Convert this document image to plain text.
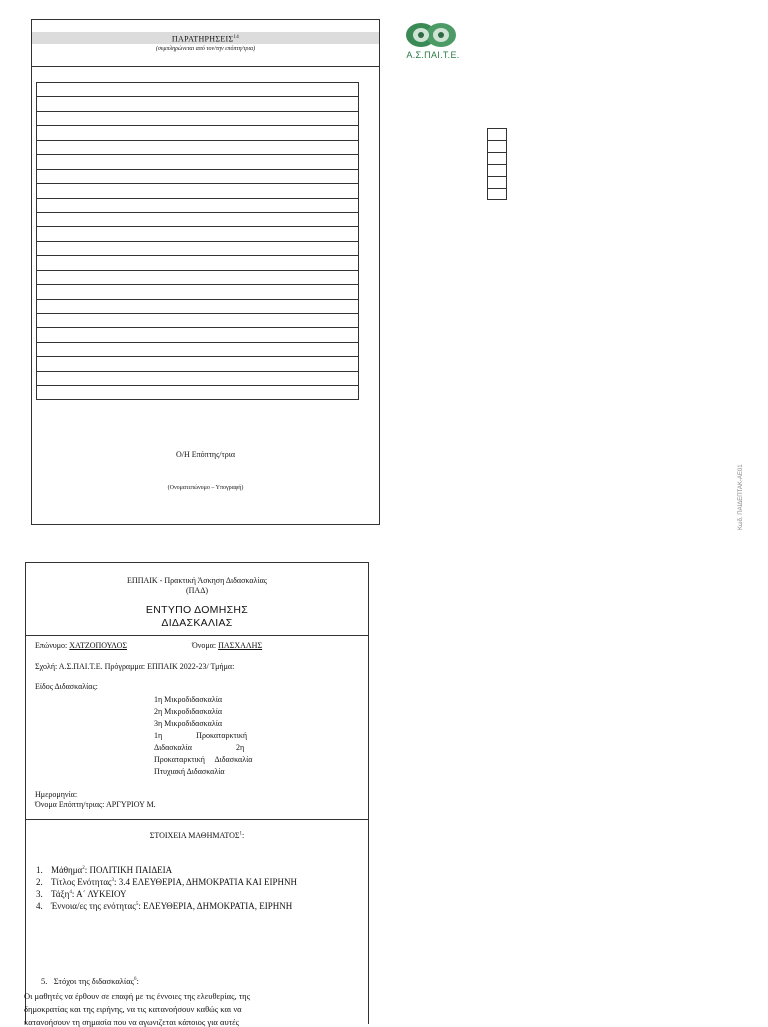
ΠΑΡΑΤΗΡΗΣΕΙΣ$^{14}$
(συμπληρώνεται από τον/την επόπτη/τρια)
Ο/Η Επόπτης/τρια
(Ονοματεπώνυμο – Υπογραφή)
Α.Σ.ΠΑΙ.Τ.Ε.
Κωδ. ΠΑΙΔΕΠΤΑΚ-ΑΕ01
ΕΠΠΑΙΚ - Πρακτική Άσκηση Διδασκαλίας
(ΠΑΔ)
ΕΝΤΥΠΟ ΔΟΜΗΣΗΣ
ΔΙΔΑΣΚΑΛΙΑΣ
Επώνυμο: ΧΑΤΖΟΠΟΥΛΟΣ	Όνομα: ΠΑΣΧΑΛΗΣ
Σχολή: Α.Σ.ΠΑΙ.Τ.Ε. Πρόγραμμα: ΕΠΠΑΙΚ 2022-23/ Τμήμα:
Είδος Διδασκαλίας:
1η Μικροδιδασκαλία
2η Μικροδιδασκαλία
3η Μικροδιδασκαλία
1η                 Προκαταρκτική
Διδασκαλία                      2η
Προκαταρκτική     Διδασκαλία
Πτυχιακή Διδασκαλία
Ημερομηνία:
Όνομα Επόπτη/τριας: ΑΡΓΥΡΙΟΥ Μ.
ΣΤΟΙΧΕΙΑ ΜΑΘΗΜΑΤΟΣ$^1$:
1. Μάθημα$^2$: ΠΟΛΙΤΙΚΗ ΠΑΙΔΕΙΑ
2. Τίτλος Ενότητας$^3$: 3.4 ΕΛΕΥΘΕΡΙΑ, ΔΗΜΟΚΡΑΤΙΑ ΚΑΙ ΕΙΡΗΝΗ
3. Τάξη$^4$: Α΄ ΛΥΚΕΙΟΥ
4. Έννοια/ες της ενότητας$^5$: ΕΛΕΥΘΕΡΙΑ, ΔΗΜΟΚΡΑΤΙΑ, ΕΙΡΗΝΗ
5.   Στόχοι της διδασκαλίας$^6$:
Οι μαθητές να έρθουν σε επαφή με τις έννοιες της ελευθερίας, της
δημοκρατίας και της ειρήνης, να τις κατανοήσουν καθώς και να
κατανοήσουν τη σημασία που να αγωνιζεται κάποιος για αυτές
